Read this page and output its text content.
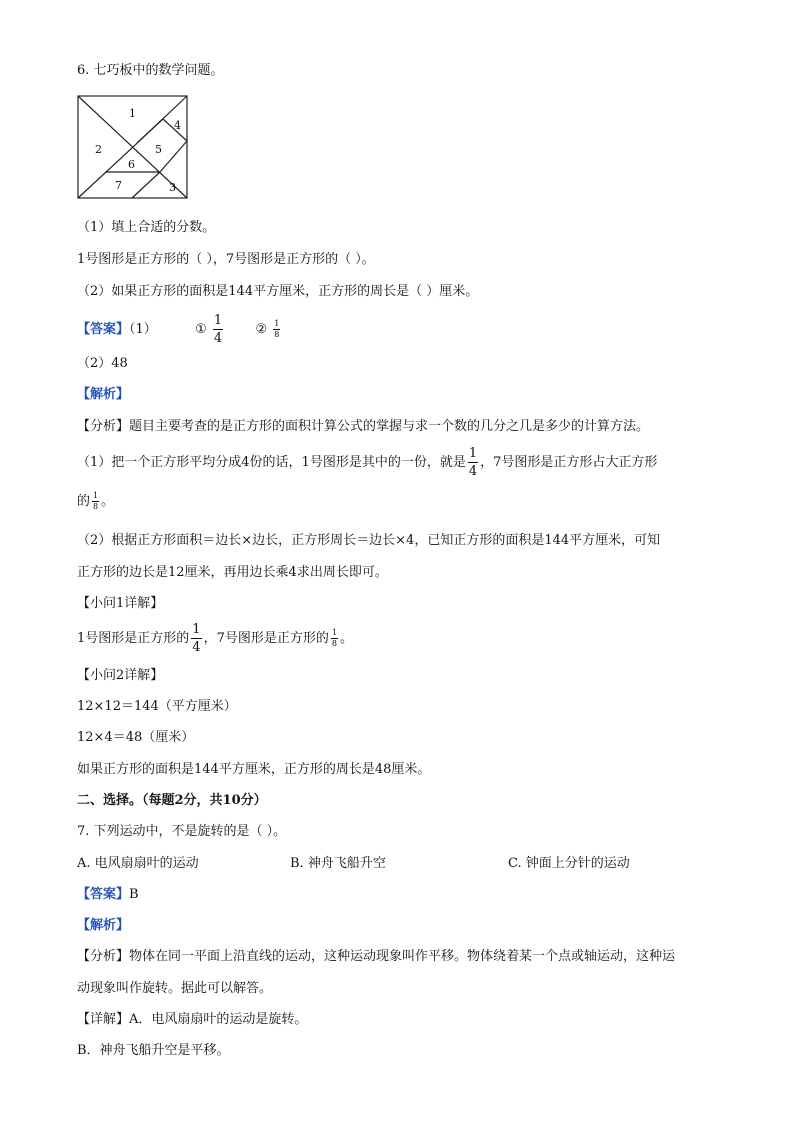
6. 七巧板中的数学问题。
1
2
3
4
5
6
7
（1）填上合适的分数。
1号图形是正方形的（ ），7号图形是正方形的（ ）。
（2）如果正方形的面积是144平方厘米，正方形的周长是（ ）厘米。
【答案】（1）	① $\frac{1}{4}$ ② $\frac{1}{8}$
（2）48
【解析】
【分析】题目主要考查的是正方形的面积计算公式的掌握与求一个数的几分之几是多少的计算方法。
（1）把一个正方形平均分成4份的话，1号图形是其中的一份，就是 $\frac{1}{4}$ ，7号图形是正方形占大正方形
的 $\frac{1}{8}$ 。
（2）根据正方形面积＝边长×边长，正方形周长＝边长×4，已知正方形的面积是144平方厘米，可知
正方形的边长是12厘米，再用边长乘4求出周长即可。
【小问1详解】
1号图形是正方形的 $\frac{1}{4}$ ，7号图形是正方形的 $\frac{1}{8}$ 。
【小问2详解】
12×12＝144（平方厘米）
12×4＝48（厘米）
如果正方形的面积是144平方厘米，正方形的周长是48厘米。
二、选择。（每题2分，共10分）
7. 下列运动中，不是旋转的是（ ）。
A. 电风扇扇叶的运动	B. 神舟飞船升空	C. 钟面上分针的运动
【答案】B
【解析】
【分析】物体在同一平面上沿直线的运动，这种运动现象叫作平移。物体绕着某一个点或轴运动，这种运
动现象叫作旋转。据此可以解答。
【详解】A．电风扇扇叶的运动是旋转。
B．神舟飞船升空是平移。
